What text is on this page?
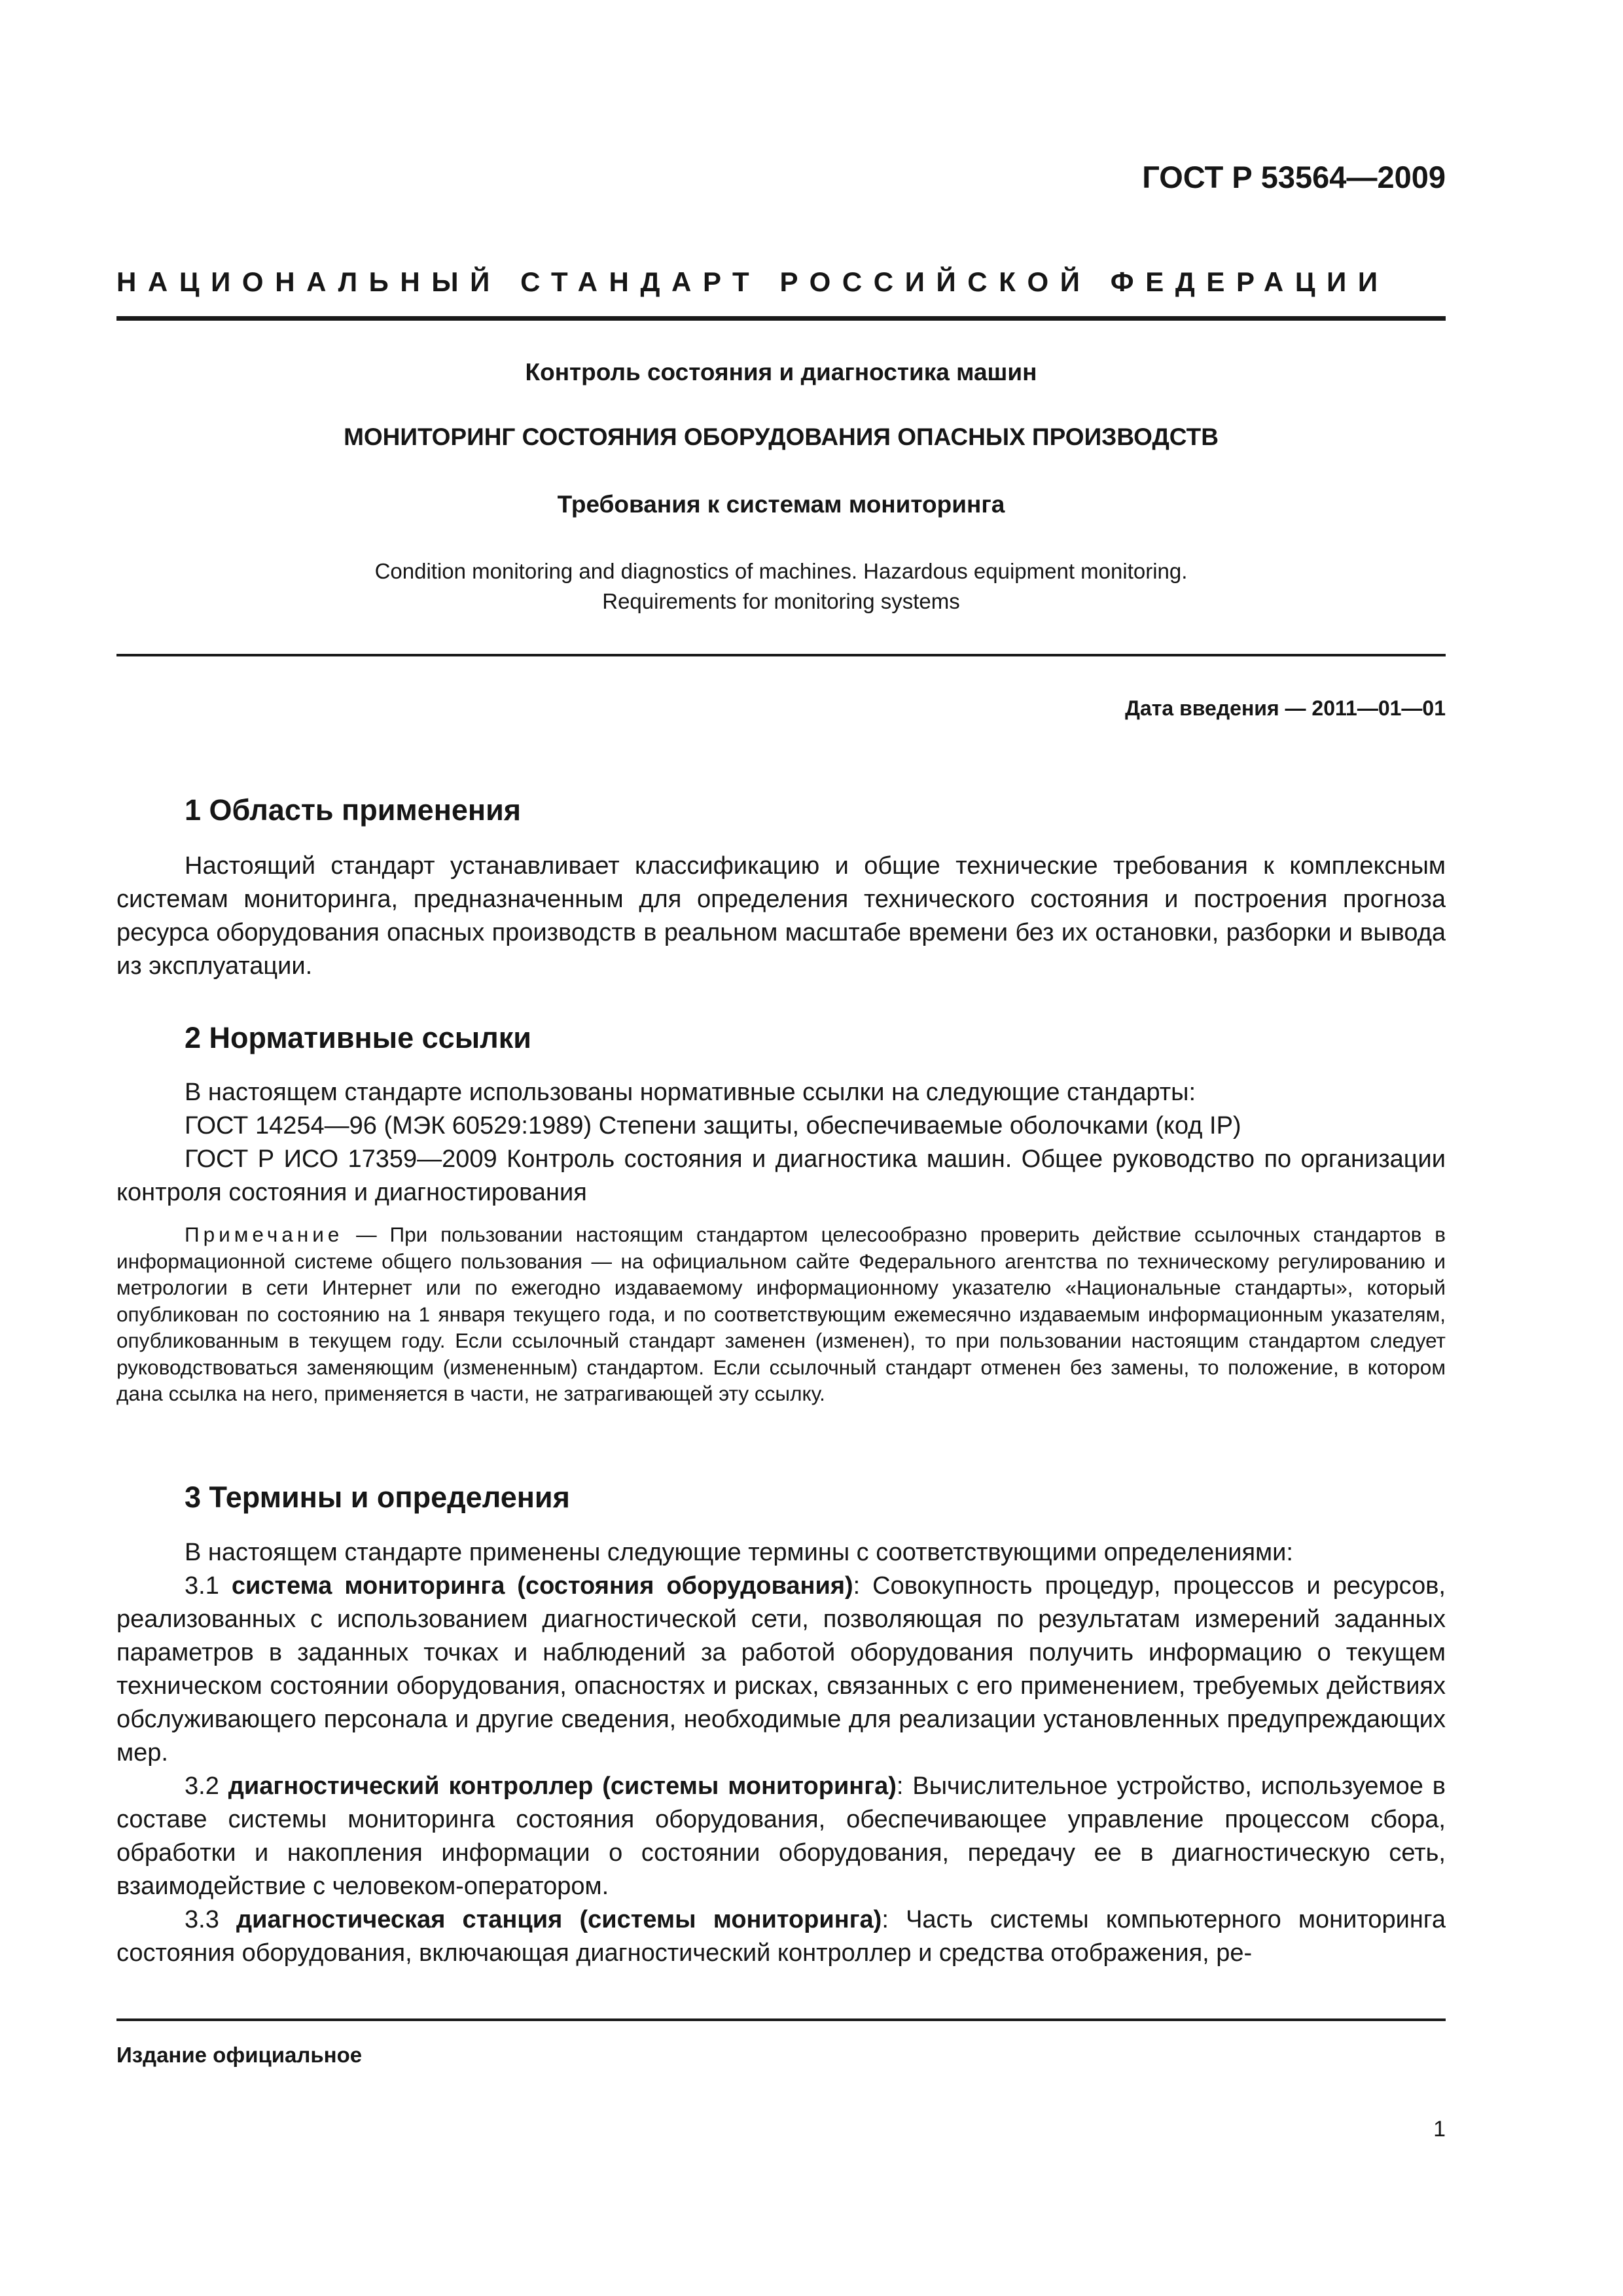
ГОСТ Р 53564—2009
НАЦИОНАЛЬНЫЙ СТАНДАРТ РОССИЙСКОЙ ФЕДЕРАЦИИ
Контроль состояния и диагностика машин
МОНИТОРИНГ СОСТОЯНИЯ ОБОРУДОВАНИЯ ОПАСНЫХ ПРОИЗВОДСТВ
Требования к системам мониторинга
Condition monitoring and diagnostics of machines. Hazardous equipment monitoring.
Requirements for monitoring systems
Дата введения — 2011—01—01
1 Область применения

Настоящий стандарт устанавливает классификацию и общие технические требования к комплексным системам мониторинга, предназначенным для определения технического состояния и построения прогноза ресурса оборудования опасных производств в реальном масштабе времени без их остановки, разборки и вывода из эксплуатации.

2 Нормативные ссылки

В настоящем стандарте использованы нормативные ссылки на следующие стандарты:

ГОСТ 14254—96 (МЭК 60529:1989) Степени защиты, обеспечиваемые оболочками (код IP)

ГОСТ Р ИСО 17359—2009 Контроль состояния и диагностика машин. Общее руководство по организации контроля состояния и диагностирования

Примечание — При пользовании настоящим стандартом целесообразно проверить действие ссылочных стандартов в информационной системе общего пользования — на официальном сайте Федерального агентства по техническому регулированию и метрологии в сети Интернет или по ежегодно издаваемому информационному указателю «Национальные стандарты», который опубликован по состоянию на 1 января текущего года, и по соответствующим ежемесячно издаваемым информационным указателям, опубликованным в текущем году. Если ссылочный стандарт заменен (изменен), то при пользовании настоящим стандартом следует руководствоваться заменяющим (измененным) стандартом. Если ссылочный стандарт отменен без замены, то положение, в котором дана ссылка на него, применяется в части, не затрагивающей эту ссылку.

3 Термины и определения

В настоящем стандарте применены следующие термины с соответствующими определениями:

3.1 система мониторинга (состояния оборудования): Совокупность процедур, процессов и ресурсов, реализованных с использованием диагностической сети, позволяющая по результатам измерений заданных параметров в заданных точках и наблюдений за работой оборудования получить информацию о текущем техническом состоянии оборудования, опасностях и рисках, связанных с его применением, требуемых действиях обслуживающего персонала и другие сведения, необходимые для реализации установленных предупреждающих мер.

3.2 диагностический контроллер (системы мониторинга): Вычислительное устройство, используемое в составе системы мониторинга состояния оборудования, обеспечивающее управление процессом сбора, обработки и накопления информации о состоянии оборудования, передачу ее в диагностическую сеть, взаимодействие с человеком-оператором.

3.3 диагностическая станция (системы мониторинга): Часть системы компьютерного мониторинга состояния оборудования, включающая диагностический контроллер и средства отображения, ре-

Издание официальное
1
